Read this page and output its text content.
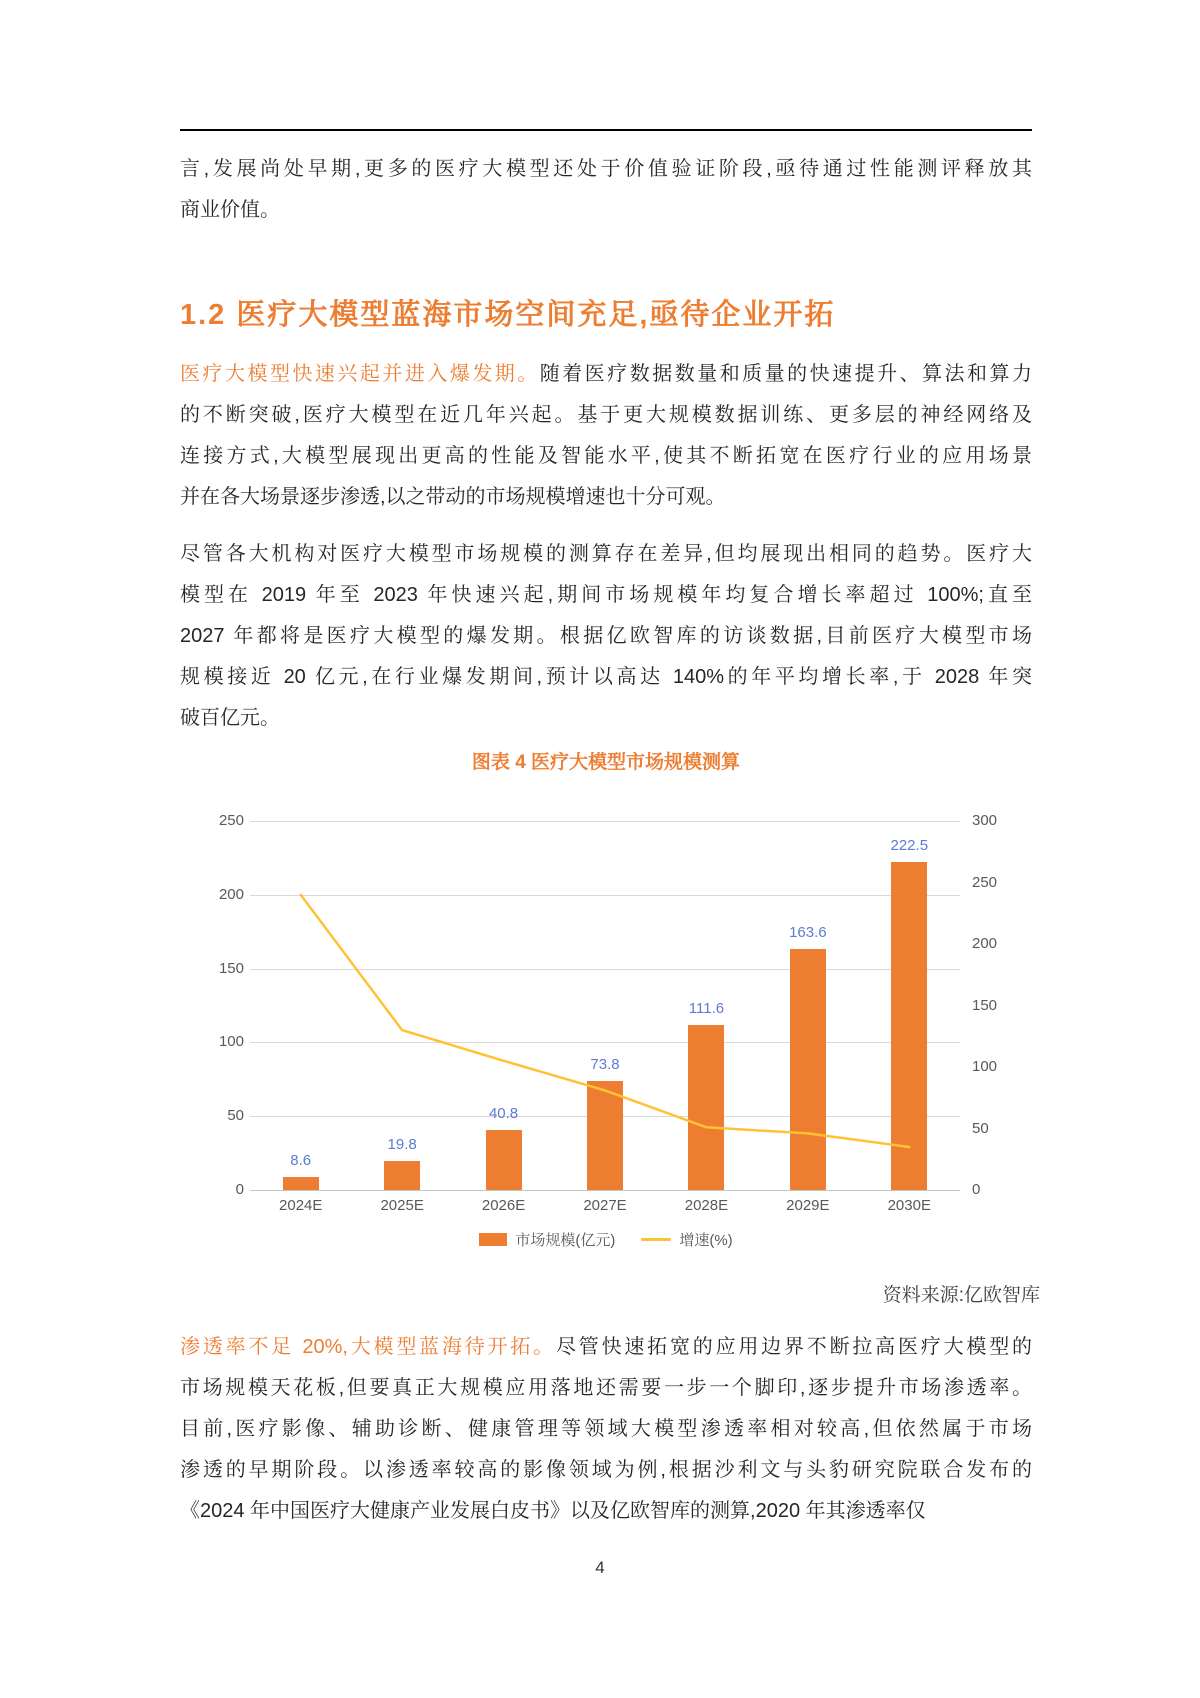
言,发展尚处早期,更多的医疗大模型还处于价值验证阶段,亟待通过性能测评释放其
商业价值。
1.2 医疗大模型蓝海市场空间充足,亟待企业开拓
医疗大模型快速兴起并进入爆发期。随着医疗数据数量和质量的快速提升、算法和算力
的不断突破,医疗大模型在近几年兴起。基于更大规模数据训练、更多层的神经网络及
连接方式,大模型展现出更高的性能及智能水平,使其不断拓宽在医疗行业的应用场景
并在各大场景逐步渗透,以之带动的市场规模增速也十分可观。
尽管各大机构对医疗大模型市场规模的测算存在差异,但均展现出相同的趋势。医疗大
模型在 2019 年至 2023 年快速兴起,期间市场规模年均复合增长率超过 100%;直至
2027 年都将是医疗大模型的爆发期。根据亿欧智库的访谈数据,目前医疗大模型市场
规模接近 20 亿元,在行业爆发期间,预计以高达 140%的年平均增长率,于 2028 年突
破百亿元。
图表 4 医疗大模型市场规模测算
0
50
100
150
200
250
0
50
100
150
200
250
300
2024E	2025E	2026E	2027E	2028E	2029E	2030E
8.6
19.8
40.8
73.8
111.6
163.6
222.5
市场规模(亿元)	增速(%)
资料来源:亿欧智库
渗透率不足 20%,大模型蓝海待开拓。尽管快速拓宽的应用边界不断拉高医疗大模型的
市场规模天花板,但要真正大规模应用落地还需要一步一个脚印,逐步提升市场渗透率。
目前,医疗影像、辅助诊断、健康管理等领域大模型渗透率相对较高,但依然属于市场
渗透的早期阶段。以渗透率较高的影像领域为例,根据沙利文与头豹研究院联合发布的
《2024 年中国医疗大健康产业发展白皮书》以及亿欧智库的测算,2020 年其渗透率仅
4
